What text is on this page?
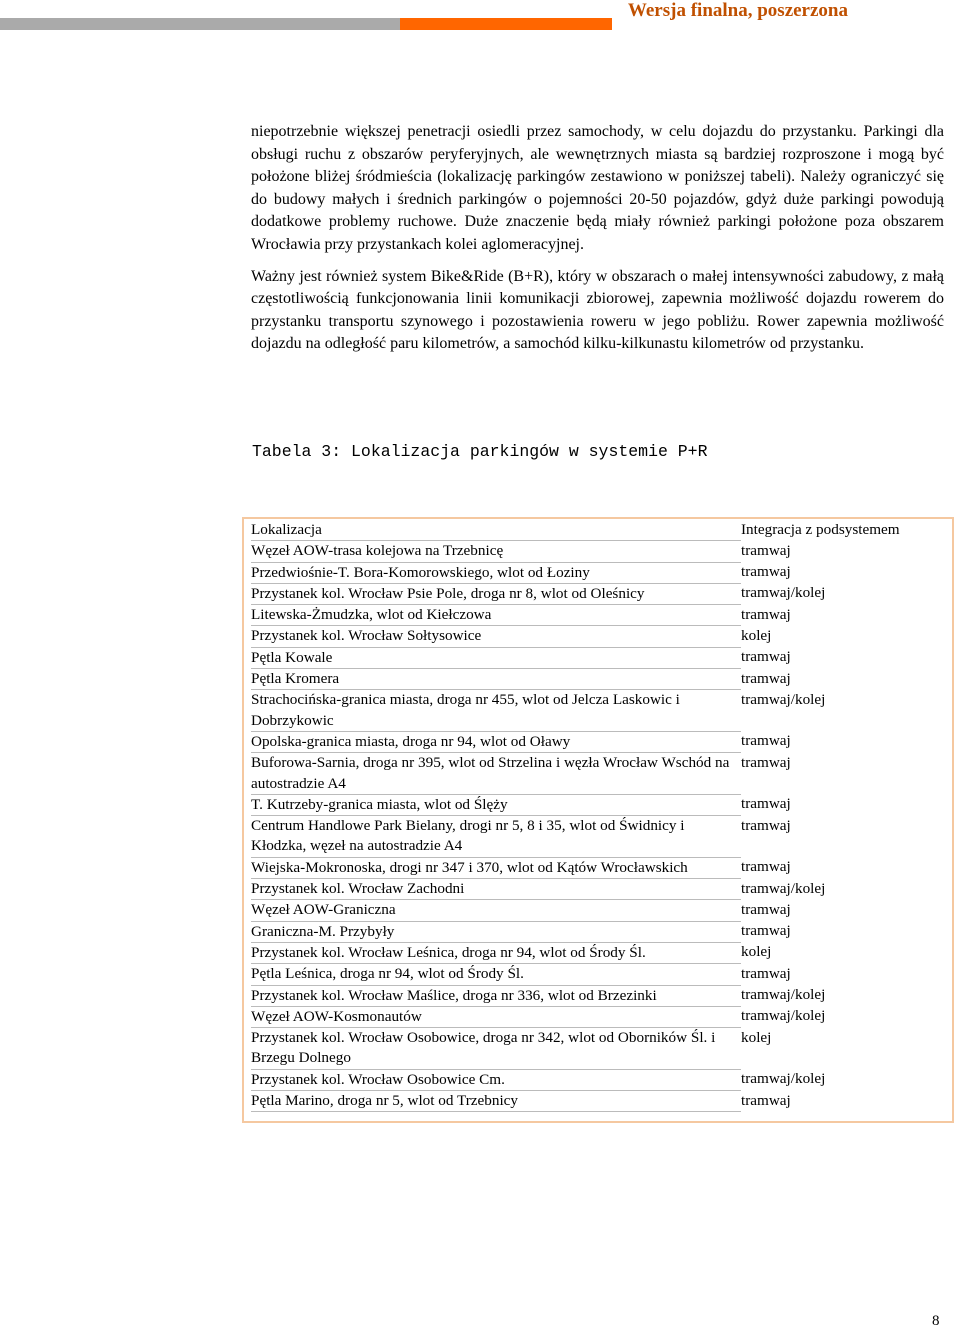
Wersja finalna, poszerzona

niepotrzebnie większej penetracji osiedli przez samochody, w celu dojazdu do przystanku. Parkingi dla obsługi ruchu z obszarów peryferyjnych, ale wewnętrznych miasta są bardziej rozproszone i mogą być położone bliżej śródmieścia (lokalizację parkingów zestawiono w poniższej tabeli). Należy ograniczyć się do budowy małych i średnich parkingów o pojemności 20-50 pojazdów, gdyż duże parkingi powodują dodatkowe problemy ruchowe. Duże znaczenie będą miały również parkingi położone poza obszarem Wrocławia przy przystankach kolei aglomeracyjnej.

Ważny jest również system Bike&Ride (B+R), który w obszarach o małej intensywności zabudowy, z małą częstotliwością funkcjonowania linii komunikacji zbiorowej, zapewnia możliwość dojazdu rowerem do przystanku transportu szynowego i pozostawienia roweru w jego pobliżu. Rower zapewnia możliwość dojazdu na odległość paru kilometrów, a samochód kilku-kilkunastu kilometrów od przystanku.

Tabela 3: Lokalizacja parkingów w systemie P+R
Lokalizacja	Integracja z podsystemem
Węzeł AOW-trasa kolejowa na Trzebnicę	tramwaj
Przedwiośnie-T. Bora-Komorowskiego, wlot od Łoziny	tramwaj
Przystanek kol. Wrocław Psie Pole, droga nr 8, wlot od Oleśnicy	tramwaj/kolej
Litewska-Żmudzka, wlot od Kiełczowa	tramwaj
Przystanek kol. Wrocław Sołtysowice	kolej
Pętla Kowale	tramwaj
Pętla Kromera	tramwaj
Strachocińska-granica miasta, droga nr 455, wlot od Jelcza Laskowic i Dobrzykowic	tramwaj/kolej
Opolska-granica miasta, droga nr 94, wlot od Oławy	tramwaj
Buforowa-Sarnia, droga nr 395, wlot od Strzelina i węzła Wrocław Wschód na autostradzie A4	tramwaj
T. Kutrzeby-granica miasta, wlot od Ślęży	tramwaj
Centrum Handlowe Park Bielany, drogi nr 5, 8 i 35, wlot od Świdnicy i Kłodzka, węzeł na autostradzie A4	tramwaj
Wiejska-Mokronoska, drogi nr 347 i 370, wlot od Kątów Wrocławskich	tramwaj
Przystanek kol. Wrocław Zachodni	tramwaj/kolej
Węzeł AOW-Graniczna	tramwaj
Graniczna-M. Przybyły	tramwaj
Przystanek kol. Wrocław Leśnica, droga nr 94, wlot od Środy Śl.	kolej
Pętla Leśnica, droga nr 94, wlot od Środy Śl.	tramwaj
Przystanek kol. Wrocław Maślice, droga nr 336, wlot od Brzezinki	tramwaj/kolej
Węzeł AOW-Kosmonautów	tramwaj/kolej
Przystanek kol. Wrocław Osobowice, droga nr 342, wlot od Oborników Śl. i Brzegu Dolnego	kolej
Przystanek kol. Wrocław Osobowice Cm.	tramwaj/kolej
Pętla Marino, droga nr 5, wlot od Trzebnicy	tramwaj
8
